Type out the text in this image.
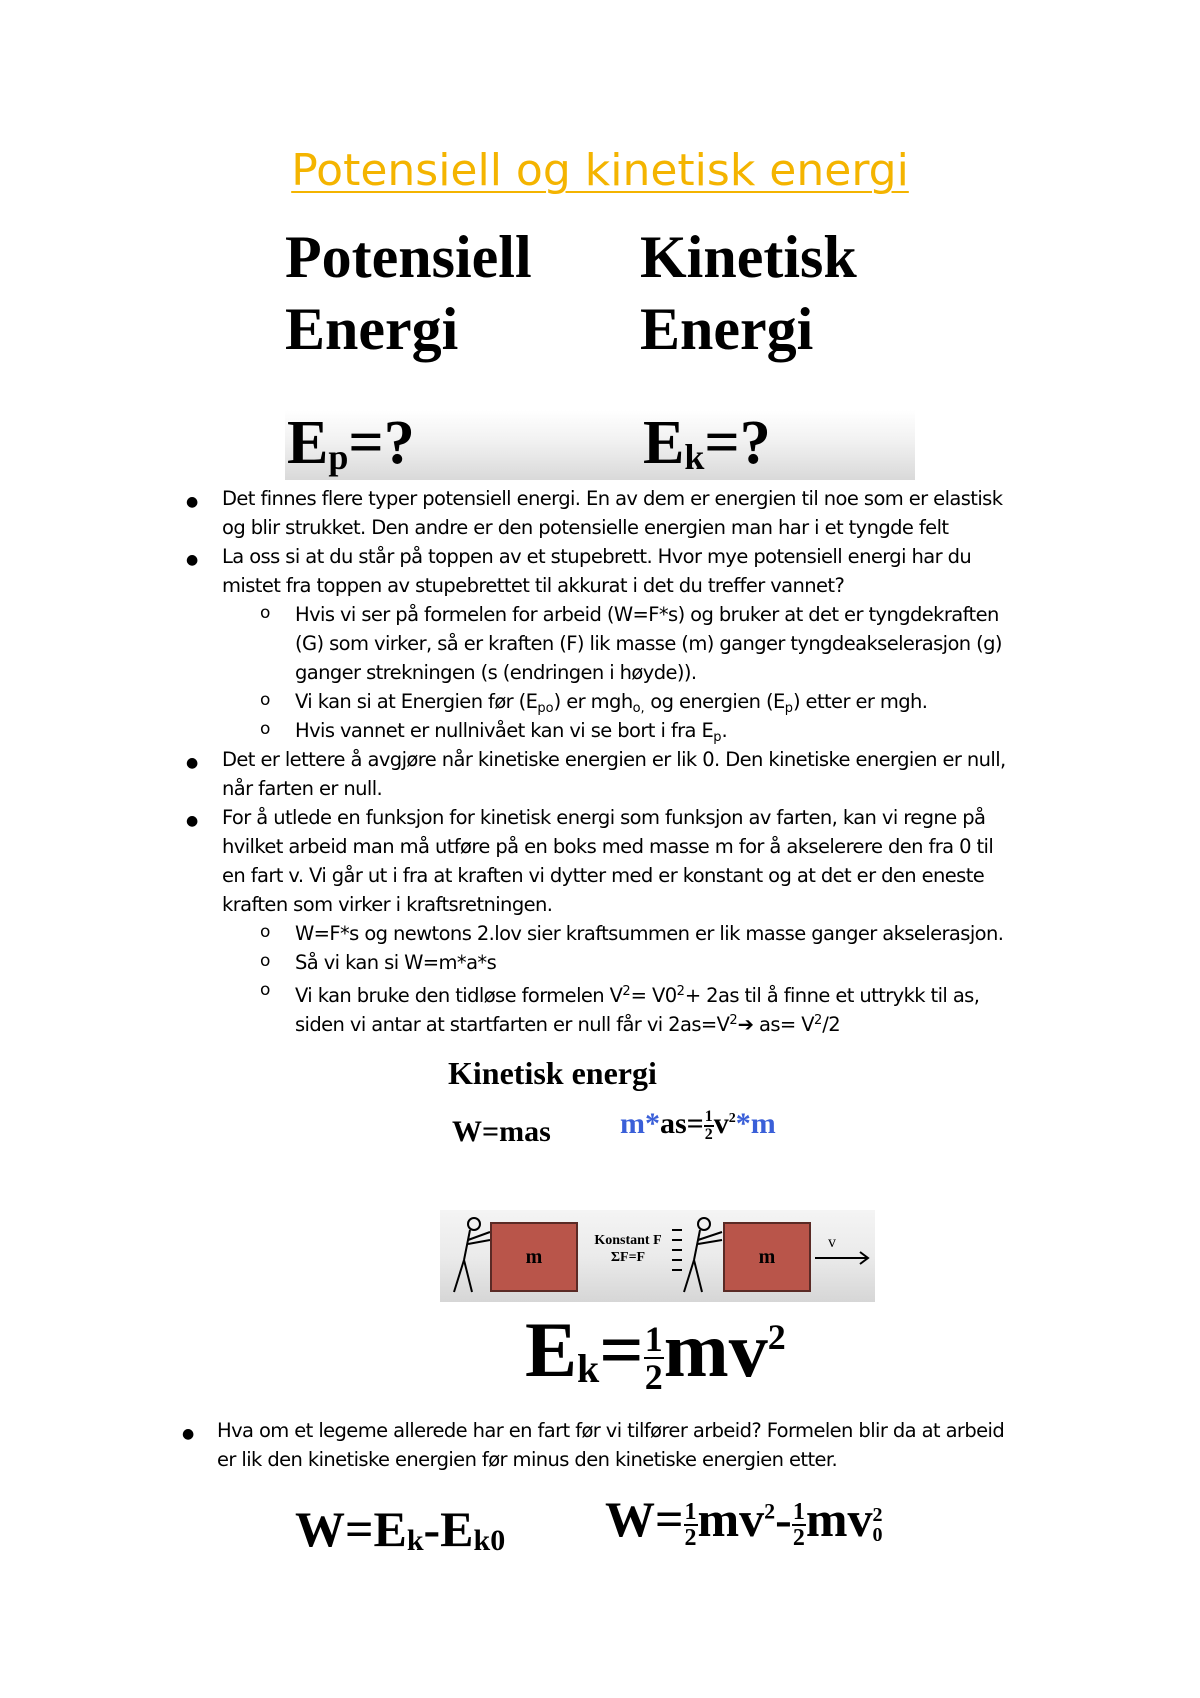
Potensiell og kinetisk energi
Potensiell
Energi
Kinetisk
Energi
$E_p=$?	$E_k=$?
● Det finnes flere typer potensiell energi. En av dem er energien til noe som er elastisk
og blir strukket. Den andre er den potensielle energien man har i et tyngde felt
● La oss si at du står på toppen av et stupebrett. Hvor mye potensiell energi har du
mistet fra toppen av stupebrettet til akkurat i det du treffer vannet?
o Hvis vi ser på formelen for arbeid (W=F*s) og bruker at det er tyngdekraften
(G) som virker, så er kraften (F) lik masse (m) ganger tyngdeakselerasjon (g)
ganger strekningen (s (endringen i høyde)).
o Vi kan si at Energien før $(E_{po})$ er mgh$_{o,}$ og energien $(E_p)$ etter er mgh.
o Hvis vannet er nullnivået kan vi se bort i fra $E_p$.
● Det er lettere å avgjøre når kinetiske energien er lik 0. Den kinetiske energien er null,
når farten er null.
● For å utlede en funksjon for kinetisk energi som funksjon av farten, kan vi regne på
hvilket arbeid man må utføre på en boks med masse m for å akselerere den fra 0 til
en fart v. Vi går ut i fra at kraften vi dytter med er konstant og at det er den eneste
kraften som virker i kraftsretningen.
o W=F*s og newtons 2.lov sier kraftsummen er lik masse ganger akselerasjon.
o Så vi kan si W=m*a*s
o Vi kan bruke den tidløse formelen $V^2= V0^2+ 2as$ til å finne et uttrykk til as,
siden vi antar at startfarten er null får vi $2as=V^2➔$ $as= V^2/2$
● Hva om et legeme allerede har en fart før vi tilfører arbeid? Formelen blir da at arbeid
er lik den kinetiske energien før minus den kinetiske energien etter.
Kinetisk energi
W=mas $m*as= \frac{1}{2} v^2*m$
m	m
Konstant F
ΣF=F
v
$Ek= \frac{1}{2} mv^2$
W=Ek-Ek0 $W= \frac{1}{2} mv^2- \frac{1}{2}$ mv 2
0
